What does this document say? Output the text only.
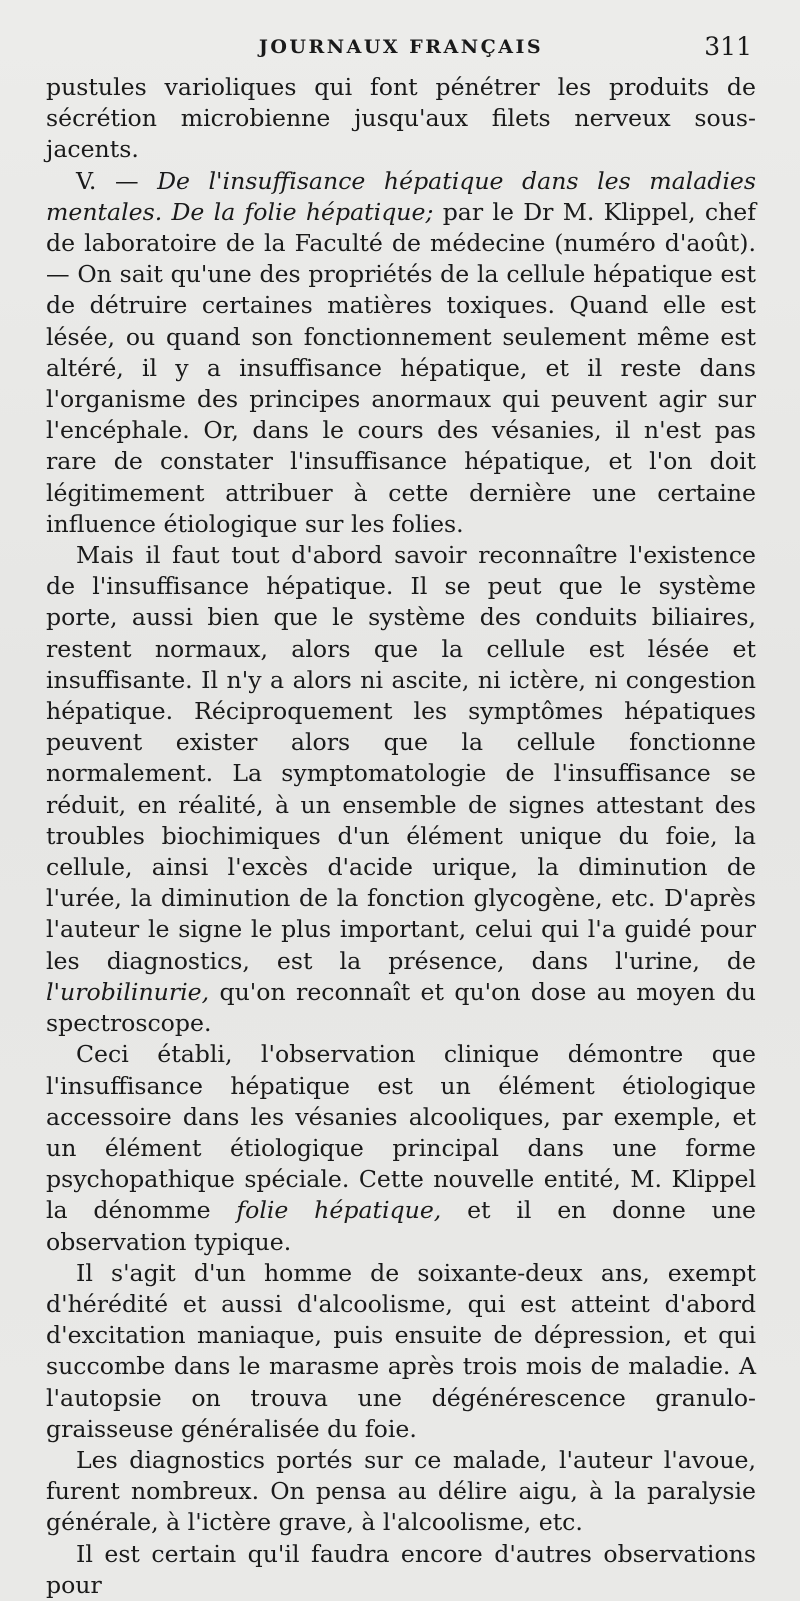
JOURNAUX FRANÇAIS	311

pustules varioliques qui font pénétrer les produits de sécrétion microbienne jusqu'aux filets nerveux sous-jacents.

V. — De l'insuffisance hépatique dans les maladies mentales. De la folie hépatique; par le Dr M. Klippel, chef de laboratoire de la Faculté de médecine (numéro d'août). — On sait qu'une des propriétés de la cellule hépatique est de détruire certaines matières toxiques. Quand elle est lésée, ou quand son fonctionnement seulement même est altéré, il y a insuffisance hépatique, et il reste dans l'organisme des principes anormaux qui peuvent agir sur l'encéphale. Or, dans le cours des vésanies, il n'est pas rare de constater l'insuffisance hépatique, et l'on doit légitimement attribuer à cette dernière une certaine influence étiologique sur les folies.

Mais il faut tout d'abord savoir reconnaître l'existence de l'insuffisance hépatique. Il se peut que le système porte, aussi bien que le système des conduits biliaires, restent normaux, alors que la cellule est lésée et insuffisante. Il n'y a alors ni ascite, ni ictère, ni congestion hépatique. Réciproquement les symptômes hépatiques peuvent exister alors que la cellule fonctionne normalement. La symptomatologie de l'insuffisance se réduit, en réalité, à un ensemble de signes attestant des troubles biochimiques d'un élément unique du foie, la cellule, ainsi l'excès d'acide urique, la diminution de l'urée, la diminution de la fonction glycogène, etc. D'après l'auteur le signe le plus important, celui qui l'a guidé pour les diagnostics, est la présence, dans l'urine, de l'urobilinurie, qu'on reconnaît et qu'on dose au moyen du spectroscope.

Ceci établi, l'observation clinique démontre que l'insuffisance hépatique est un élément étiologique accessoire dans les vésanies alcooliques, par exemple, et un élément étiologique principal dans une forme psychopathique spéciale. Cette nouvelle entité, M. Klippel la dénomme folie hépatique, et il en donne une observation typique.

Il s'agit d'un homme de soixante-deux ans, exempt d'hérédité et aussi d'alcoolisme, qui est atteint d'abord d'excitation maniaque, puis ensuite de dépression, et qui succombe dans le marasme après trois mois de maladie. A l'autopsie on trouva une dégénérescence granulo-graisseuse généralisée du foie.

Les diagnostics portés sur ce malade, l'auteur l'avoue, furent nombreux. On pensa au délire aigu, à la paralysie générale, à l'ictère grave, à l'alcoolisme, etc.

Il est certain qu'il faudra encore d'autres observations pour
